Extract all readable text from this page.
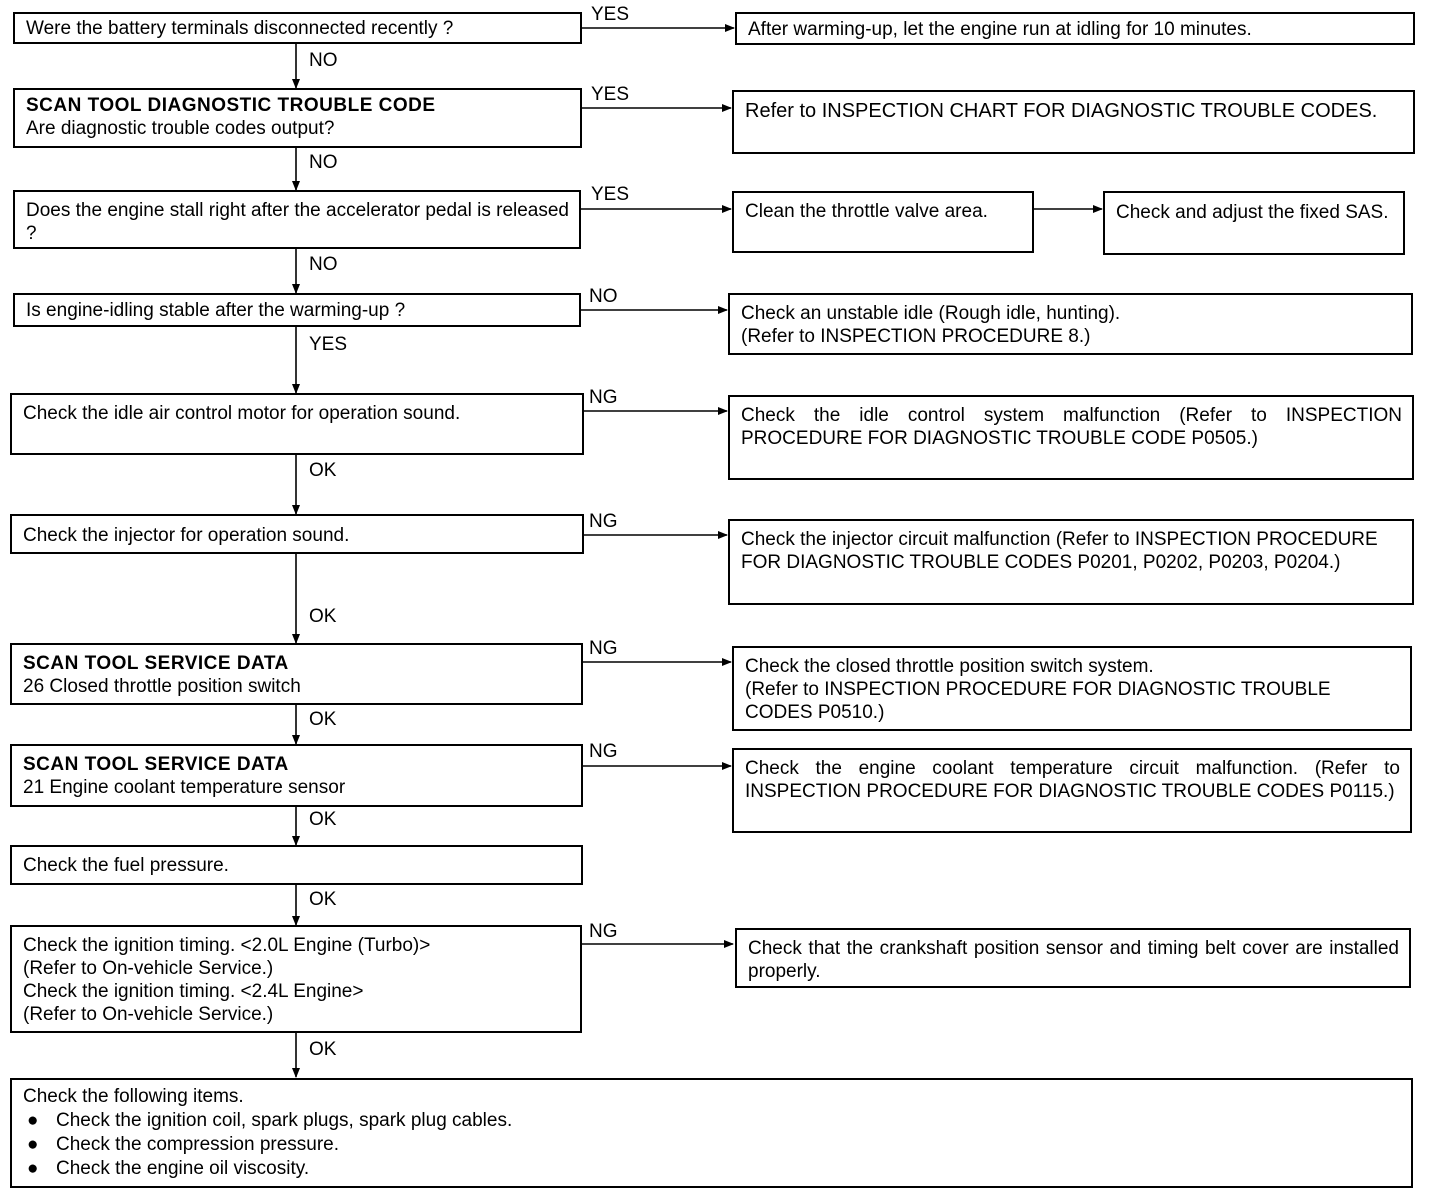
YES
NO
YES
NO
YES
NO
NO
YES
NG
OK
NG
OK
NG
OK
NG
OK
OK
NG
OK
Were the battery terminals disconnected recently ?
SCAN TOOL DIAGNOSTIC TROUBLE CODE
Are diagnostic trouble codes output?
Does the engine stall right after the accelerator pedal is released ?
Is engine-idling stable after the warming-up ?
Check the idle air control motor for operation sound.
Check the injector for operation sound.
SCAN TOOL SERVICE DATA
26 Closed throttle position switch
SCAN TOOL SERVICE DATA
21 Engine coolant temperature sensor
Check the fuel pressure.
Check the ignition timing. <2.0L Engine (Turbo)>
(Refer to On-vehicle Service.)
Check the ignition timing. <2.4L Engine>
(Refer to On-vehicle Service.)
After warming-up, let the engine run at idling for 10 minutes.
Refer to INSPECTION CHART FOR DIAGNOSTIC TROUBLE CODES.
Clean the throttle valve area.	Check and adjust the fixed SAS.
Check an unstable idle (Rough idle, hunting).
(Refer to INSPECTION PROCEDURE 8.)
Check the idle control system malfunction (Refer to INSPECTION PROCEDURE FOR DIAGNOSTIC TROUBLE CODE P0505.)
Check the injector circuit malfunction (Refer to INSPECTION PROCEDURE FOR DIAGNOSTIC TROUBLE CODES P0201, P0202, P0203, P0204.)
Check the closed throttle position switch system.
(Refer to INSPECTION PROCEDURE FOR DIAGNOSTIC TROUBLE CODES P0510.)
Check the engine coolant temperature circuit malfunction. (Refer to INSPECTION PROCEDURE FOR DIAGNOSTIC TROUBLE CODES P0115.)
Check that the crankshaft position sensor and timing belt cover are installed properly.
Check the following items.
● Check the ignition coil, spark plugs, spark plug cables.
● Check the compression pressure.
● Check the engine oil viscosity.
